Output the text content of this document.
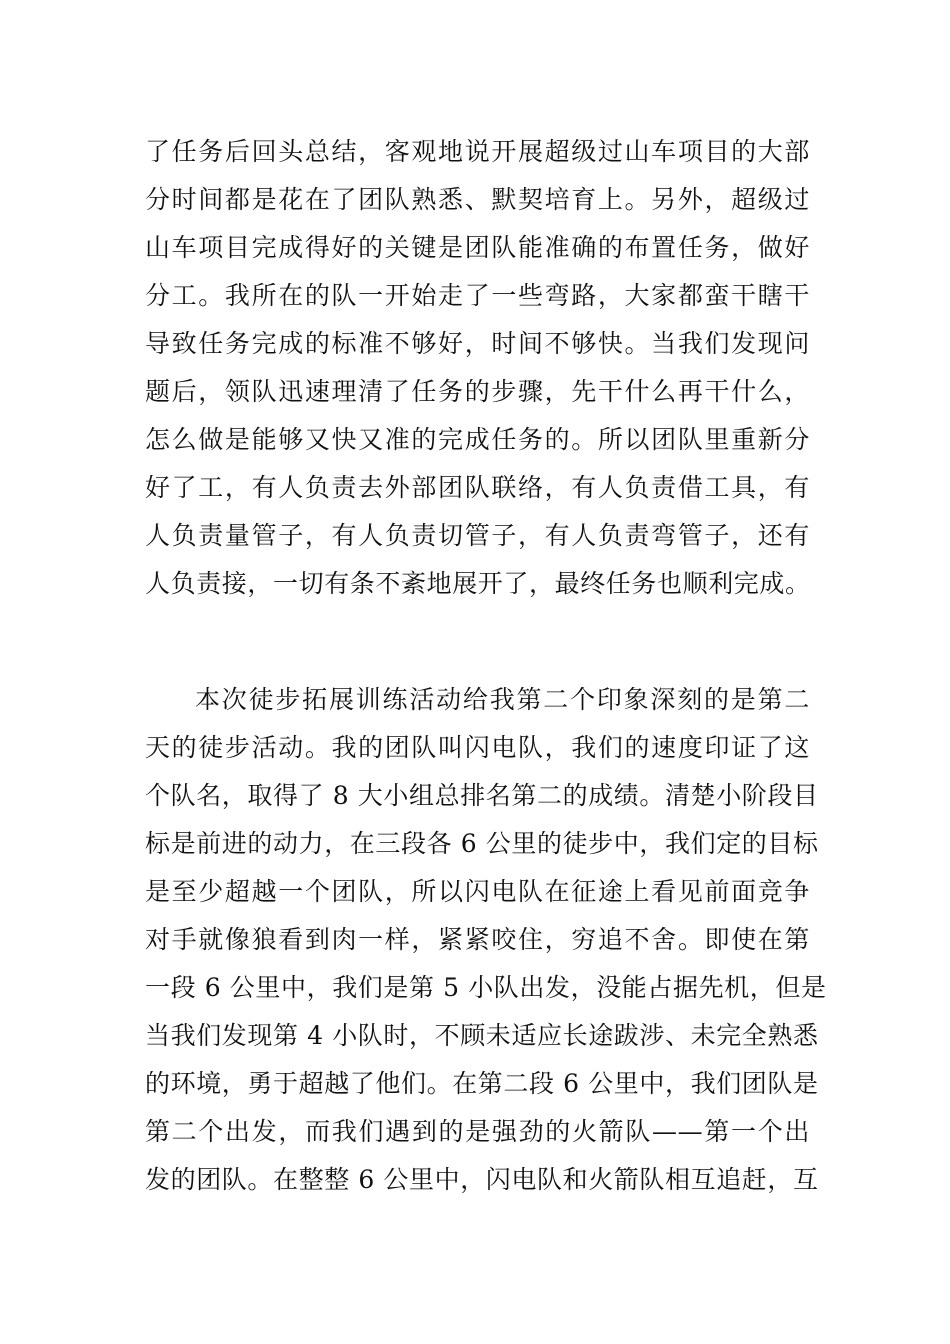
了任务后回头总结，客观地说开展超级过山车项目的大部
分时间都是花在了团队熟悉、默契培育上。另外，超级过
山车项目完成得好的关键是团队能准确的布置任务，做好
分工。我所在的队一开始走了一些弯路，大家都蛮干瞎干
导致任务完成的标准不够好，时间不够快。当我们发现问
题后，领队迅速理清了任务的步骤，先干什么再干什么，
怎么做是能够又快又准的完成任务的。所以团队里重新分
好了工，有人负责去外部团队联络，有人负责借工具，有
人负责量管子，有人负责切管子，有人负责弯管子，还有
人负责接，一切有条不紊地展开了，最终任务也顺利完成。
本次徒步拓展训练活动给我第二个印象深刻的是第二
天的徒步活动。我的团队叫闪电队，我们的速度印证了这
个队名，取得了 8 大小组总排名第二的成绩。清楚小阶段目
标是前进的动力，在三段各 6 公里的徒步中，我们定的目标
是至少超越一个团队，所以闪电队在征途上看见前面竞争
对手就像狼看到肉一样，紧紧咬住，穷追不舍。即使在第
一段 6 公里中，我们是第 5 小队出发，没能占据先机，但是
当我们发现第 4 小队时，不顾未适应长途跋涉、未完全熟悉
的环境，勇于超越了他们。在第二段 6 公里中，我们团队是
第二个出发，而我们遇到的是强劲的火箭队——第一个出
发的团队。在整整 6 公里中，闪电队和火箭队相互追赶，互
